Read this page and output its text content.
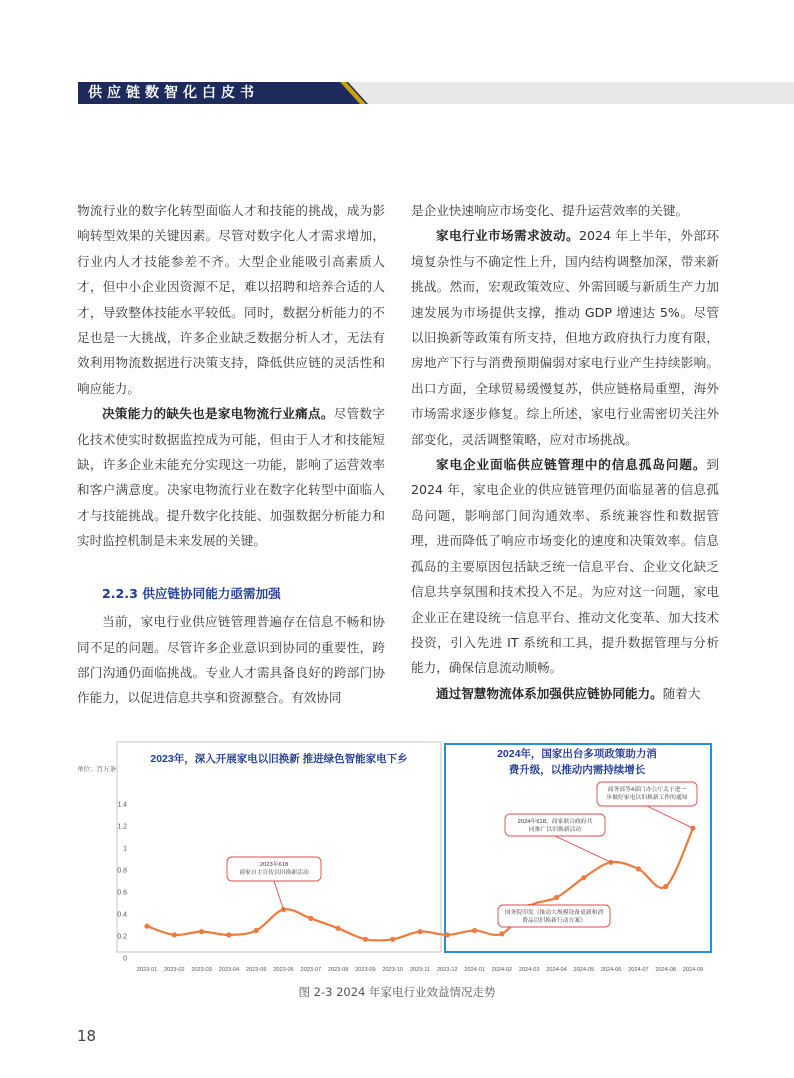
供应链数智化白皮书

物流行业的数字化转型面临人才和技能的挑战，成为影响转型效果的关键因素。尽管对数字化人才需求增加，行业内人才技能参差不齐。大型企业能吸引高素质人才，但中小企业因资源不足，难以招聘和培养合适的人才，导致整体技能水平较低。同时，数据分析能力的不足也是一大挑战，许多企业缺乏数据分析人才，无法有效利用物流数据进行决策支持，降低供应链的灵活性和响应能力。

决策能力的缺失也是家电物流行业痛点。尽管数字化技术使实时数据监控成为可能，但由于人才和技能短缺，许多企业未能充分实现这一功能，影响了运营效率和客户满意度。决家电物流行业在数字化转型中面临人才与技能挑战。提升数字化技能、加强数据分析能力和实时监控机制是未来发展的关键。

2.2.3 供应链协同能力亟需加强

当前，家电行业供应链管理普遍存在信息不畅和协同不足的问题。尽管许多企业意识到协同的重要性，跨部门沟通仍面临挑战。专业人才需具备良好的跨部门协作能力，以促进信息共享和资源整合。有效协同

是企业快速响应市场变化、提升运营效率的关键。

家电行业市场需求波动。2024 年上半年，外部环境复杂性与不确定性上升，国内结构调整加深，带来新挑战。然而，宏观政策效应、外需回暖与新质生产力加速发展为市场提供支撑，推动 GDP 增速达 5%。尽管以旧换新等政策有所支持，但地方政府执行力度有限，房地产下行与消费预期偏弱对家电行业产生持续影响。出口方面，全球贸易缓慢复苏，供应链格局重塑，海外市场需求逐步修复。综上所述，家电行业需密切关注外部变化，灵活调整策略，应对市场挑战。

家电企业面临供应链管理中的信息孤岛问题。到 2024 年，家电企业的供应链管理仍面临显著的信息孤岛问题，影响部门间沟通效率、系统兼容性和数据管理，进而降低了响应市场变化的速度和决策效率。信息孤岛的主要原因包括缺乏统一信息平台、企业文化缺乏信息共享氛围和技术投入不足。为应对这一问题，家电企业正在建设统一信息平台、推动文化变革、加大技术投资，引入先进 IT 系统和工具，提升数据管理与分析能力，确保信息流动顺畅。

通过智慧物流体系加强供应链协同能力。随着大

2023年，深入开展家电以旧换新 推进绿色智能家电下乡	2024年，国家出台多项政策助力消
费升级，以推动内需持续增长
单位：百万条
0
0.2
0.4
0.6
0.8
1
1.2
1.4
2023-01 2023-02 2023-03 2023-04 2023-05 2023-06 2023-07 2023-08 2023-09 2023-10 2023-11 2023-12 2024-01 2024-02 2024-03 2024-04 2024-05 2024-06 2024-07 2024-08 2024-09
2023年618
商家自主宣传以旧换新活动
国务院印发《推动大规模设备更新和消
费品以旧换新行动方案》
2024年618，商家联合政府共
同推广以旧换新活动
商务部等4部门办公厅关于进一
步做好家电以旧换新工作的通知
图 2-3 2024 年家电行业效益情况走势
18
